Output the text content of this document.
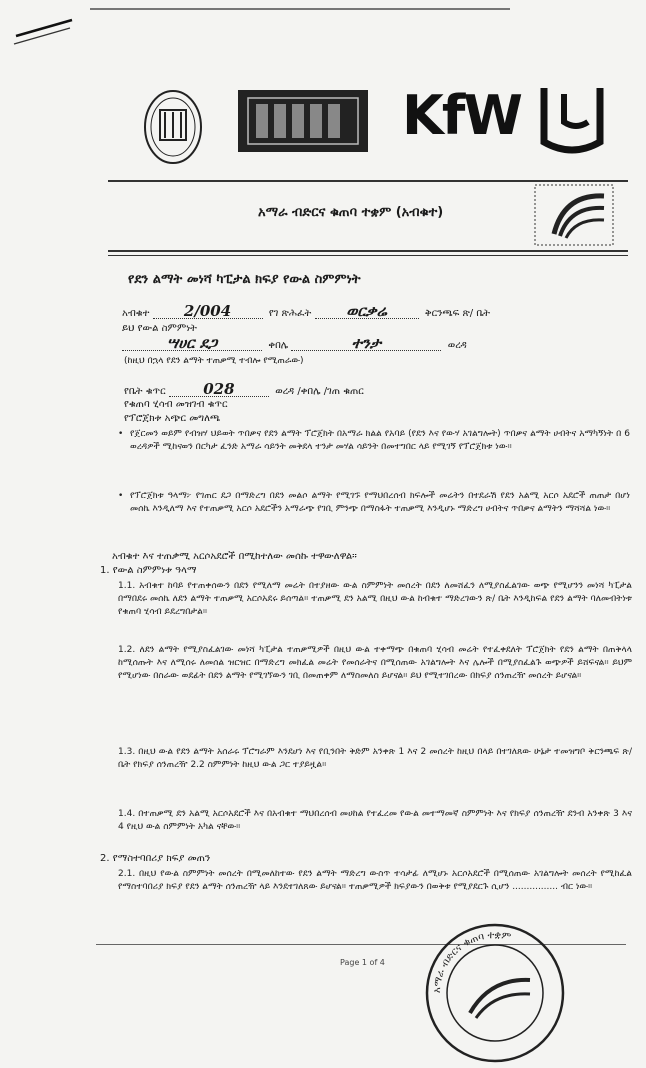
KfW
አማራ ብድርና ቁጠባ ተቋም (አብቁተ)
የደን ልማት መነሻ ካፒታል ክፍያ የውል ስምምነት
አብቁተ 2/004	የገ ጽሕፈት ወርቃሬ	ቅርንጫፍ ጽ/ ቤት
ይህ የውል ስምምነት
ሣሀር ደጋ	ቀበሌ	ተንታ	ወረዳ
(ከዚህ በኋላ የደን ልማት ተጠቃሚ ተብሎ የሚጠራው)
የቤት ቁጥር	028	ወረዳ /ቀበሌ /ገጠ ቁጠር
የቁጠባ ሂሳብ መዝገብ ቁጥር
የፕሮጀክቱ አጭር መግለጫ
• የጀርመን ወይም የብዝሃ ህይወት ጥበቃና የደን ልማት ፕሮጀክት በአማራ ክልል የአባይ (የደን እና የውሃ አገልግሎት) ጥበቃና ልማት ሀብትና አማካኝነት በ 6 ወረዳዎች ሚከናወን በርካታ ፈንድ አማራ ሳይንት መቅደላ ተንታ መሃል ሳይንት በመተግበር ላይ የሚገኝ የፕሮጀክቱ ነው።
• የፕሮጀክቱ ዓላማ፦ የገጠር ደጋ በማድረግ በደን መልሶ ልማት የሚገኙ የማህበረሰብ ክፍሎች መሬትን በተደራሽ የደን አልሚ አርሶ አደሮች ጠጠታ በሆነ መሰኬ እንዲለማ እና የተጠቃሚ አርሶ አደሮችን አማራጭ የገቢ ምንጭ በማስፋት ተጠቃሚ እንዲሆኑ ማድረግ ሀብትና ጥበቃና ልማትን ማሻሻል ነው።
አብቁተ እና ተጠቃሚ አርሶአደሮች በሚከተለው መሰኩ ተዋውለዋል።
1. የውል ስምምነቱ ዓላማ
1.1. አብቁተ ከባይ የተጠቀሰውን በደን የሚለማ መሬት በተያዘው ውል ስምምነት መሰረት በደን ለመሸፈን ለሚያስፈልገው ወጭ የሚሆንን መነሻ ካፒታል በማበደሩ መሰኬ ለደን ልማት ተጠቃሚ አርሶአደሩ ይሰጣል። ተጠቃሚ ደን አልሚ በዚህ ውል ከብቁተ ማድረገውን ጽ/ ቤት እንዲከፍል የደን ልማት ባለመብትነቱ የቁጠባ ሂሳብ ይደረግበታል።
1.2. ለደን ልማት የሚያስፈልገው መነሻ ካፒታል ተጠቃሚዎች በዚህ ውል ተቀማጭ በቁጠባ ሂሳብ መሬት የተፈቀደለት ፕሮጀክት የደን ልማት በጠቅላላ ከሚሰጡት እና ለሚሰሩ ለመሰል ዝርዝር በማድረግ መክፈል መሬት የመሰራትና በሚሰጠው አገልግሎት እና ሌሎች በሚያስፈልጉ ወጭዎች ይሸፍናል። ይህም የሚሆነው በስራው ወደፊት በደን ልማት የሚገኘውን ገቢ በመጠቀም ለማስመለስ ይሆናል። ይህ የሚተገበረው በክፍያ ሰንጠረዥ መሰረት ይሆናል።
1.3. በዚህ ውል የደን ልማት አሰራሩ ፕሮግራም እንደሆነ እና የቢንበት ቅድም አንቀጽ 1 እና 2 መሰረት ከዚህ በላይ በተገለጸው ሁኔታ ተመዝግቦ ቅርንጫፍ ጽ/ቤት የክፍያ ሰንጠረዥ 2.2 ስምምነት ከዚህ ውል ጋር ተያይዟል።
1.4. በተጠቃሚ ደን አልሚ አርሶአደሮች እና በአብቁተ ማህበረሰብ መሀከል የተፈረመ የውል መተማመኛ ስምምነት እና የክፍያ ሰንጠረዥ ደንብ አንቀጽ 3 እና 4 የዚህ ውል ስምምነት አካል ናቸው።
2. የማስተባበሪያ ክፍያ መጠን
2.1. በዚህ የውል ስምምነት መሰረት በሚመለከተው የደን ልማት ማድረግ ውስጥ ተሳታፊ ለሚሆኑ አርሶአደሮች በሚሰጠው አገልግሎት መሰረት የሚከፈል የማስተባበሪያ ክፍያ የደን ልማት ሰንጠረዥ ላይ እንደተገለጸው ይሆናል። ተጠቃሚዎች ክፍያውን በወቅቱ የሚያደርጉ ሲሆን ................ ብር ነው።
Page 1 of 4
አማራ ብድርና ቁጠባ ተቋም
